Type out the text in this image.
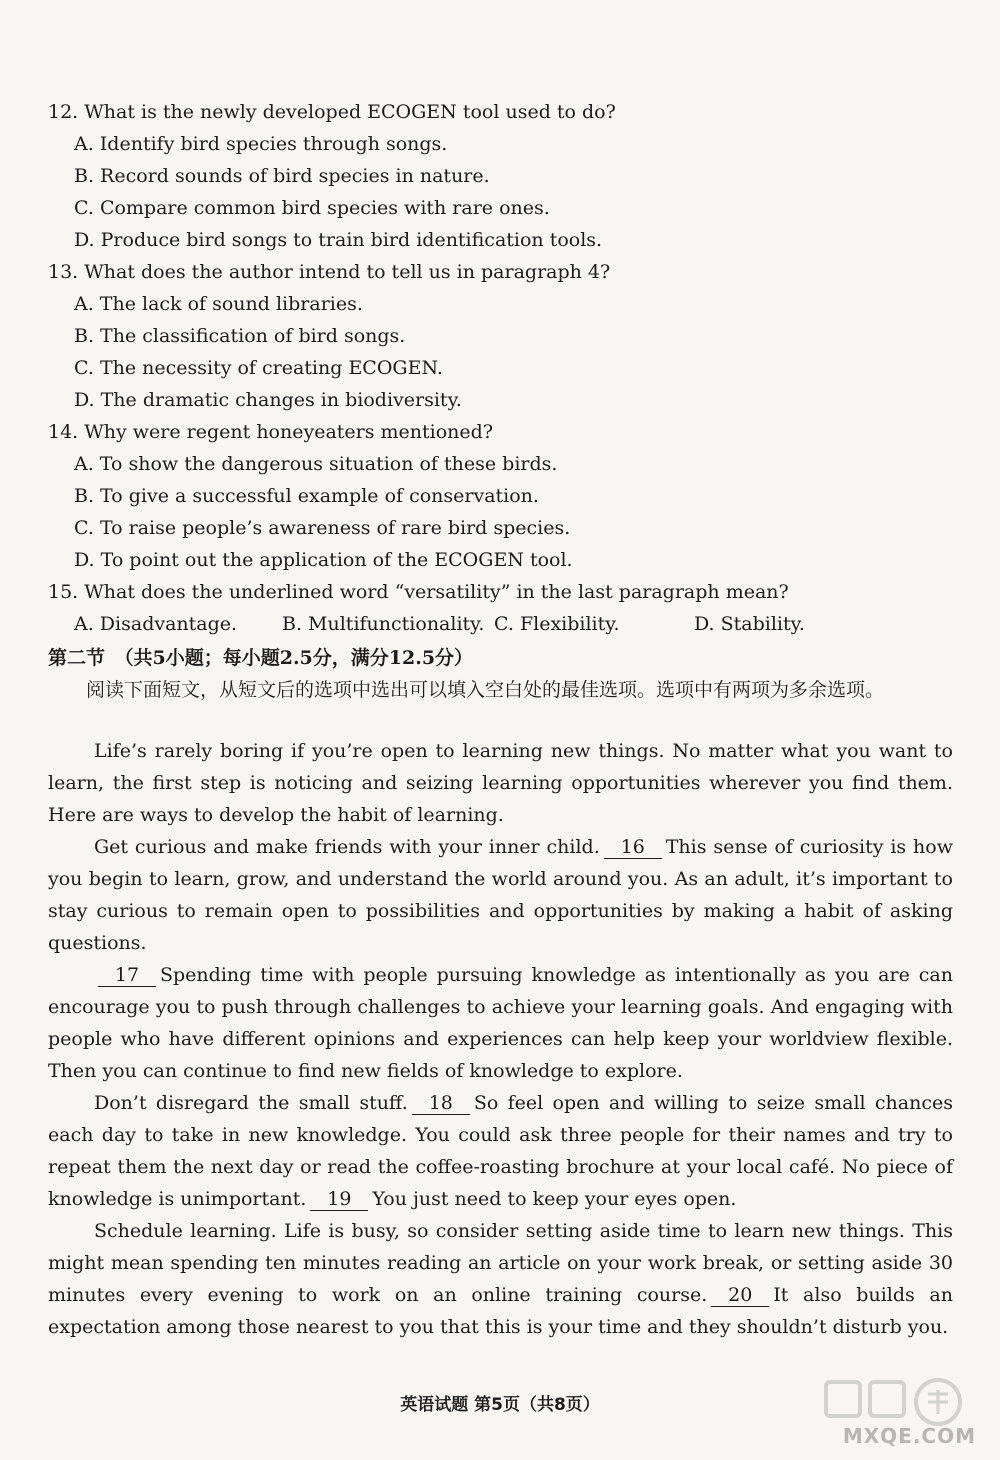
12. What is the newly developed ECOGEN tool used to do?
A. Identify bird species through songs.
B. Record sounds of bird species in nature.
C. Compare common bird species with rare ones.
D. Produce bird songs to train bird identification tools.
13. What does the author intend to tell us in paragraph 4?
A. The lack of sound libraries.
B. The classification of bird songs.
C. The necessity of creating ECOGEN.
D. The dramatic changes in biodiversity.
14. Why were regent honeyeaters mentioned?
A. To show the dangerous situation of these birds.
B. To give a successful example of conservation.
C. To raise people’s awareness of rare bird species.
D. To point out the application of the ECOGEN tool.
15. What does the underlined word “versatility” in the last paragraph mean?
A. Disadvantage.	B. Multifunctionality. C. Flexibility.	D. Stability.
第二节　（共5小题；每小题2.5分，满分12.5分）

阅读下面短文，从短文后的选项中选出可以填入空白处的最佳选项。选项中有两项为多余选项。

Life’s rarely boring if you’re open to learning new things. No matter what you want to learn, the first step is noticing and seizing learning opportunities wherever you find them. Here are ways to develop the habit of learning.

Get curious and make friends with your inner child. 16 This sense of curiosity is how you begin to learn, grow, and understand the world around you. As an adult, it’s important to stay curious to remain open to possibilities and opportunities by making a habit of asking questions.

17 Spending time with people pursuing knowledge as intentionally as you are can encourage you to push through challenges to achieve your learning goals. And engaging with people who have different opinions and experiences can help keep your worldview flexible. Then you can continue to find new fields of knowledge to explore.

Don’t disregard the small stuff. 18 So feel open and willing to seize small chances each day to take in new knowledge. You could ask three people for their names and try to repeat them the next day or read the coffee-roasting brochure at your local café. No piece of knowledge is unimportant. 19 You just need to keep your eyes open.

Schedule learning. Life is busy, so consider setting aside time to learn new things. This might mean spending ten minutes reading an article on your work break, or setting aside 30 minutes every evening to work on an online training course. 20 It also builds an expectation among those nearest to you that this is your time and they shouldn’t disturb you.

英语试题 第5页（共8页）
MXQE.COM
